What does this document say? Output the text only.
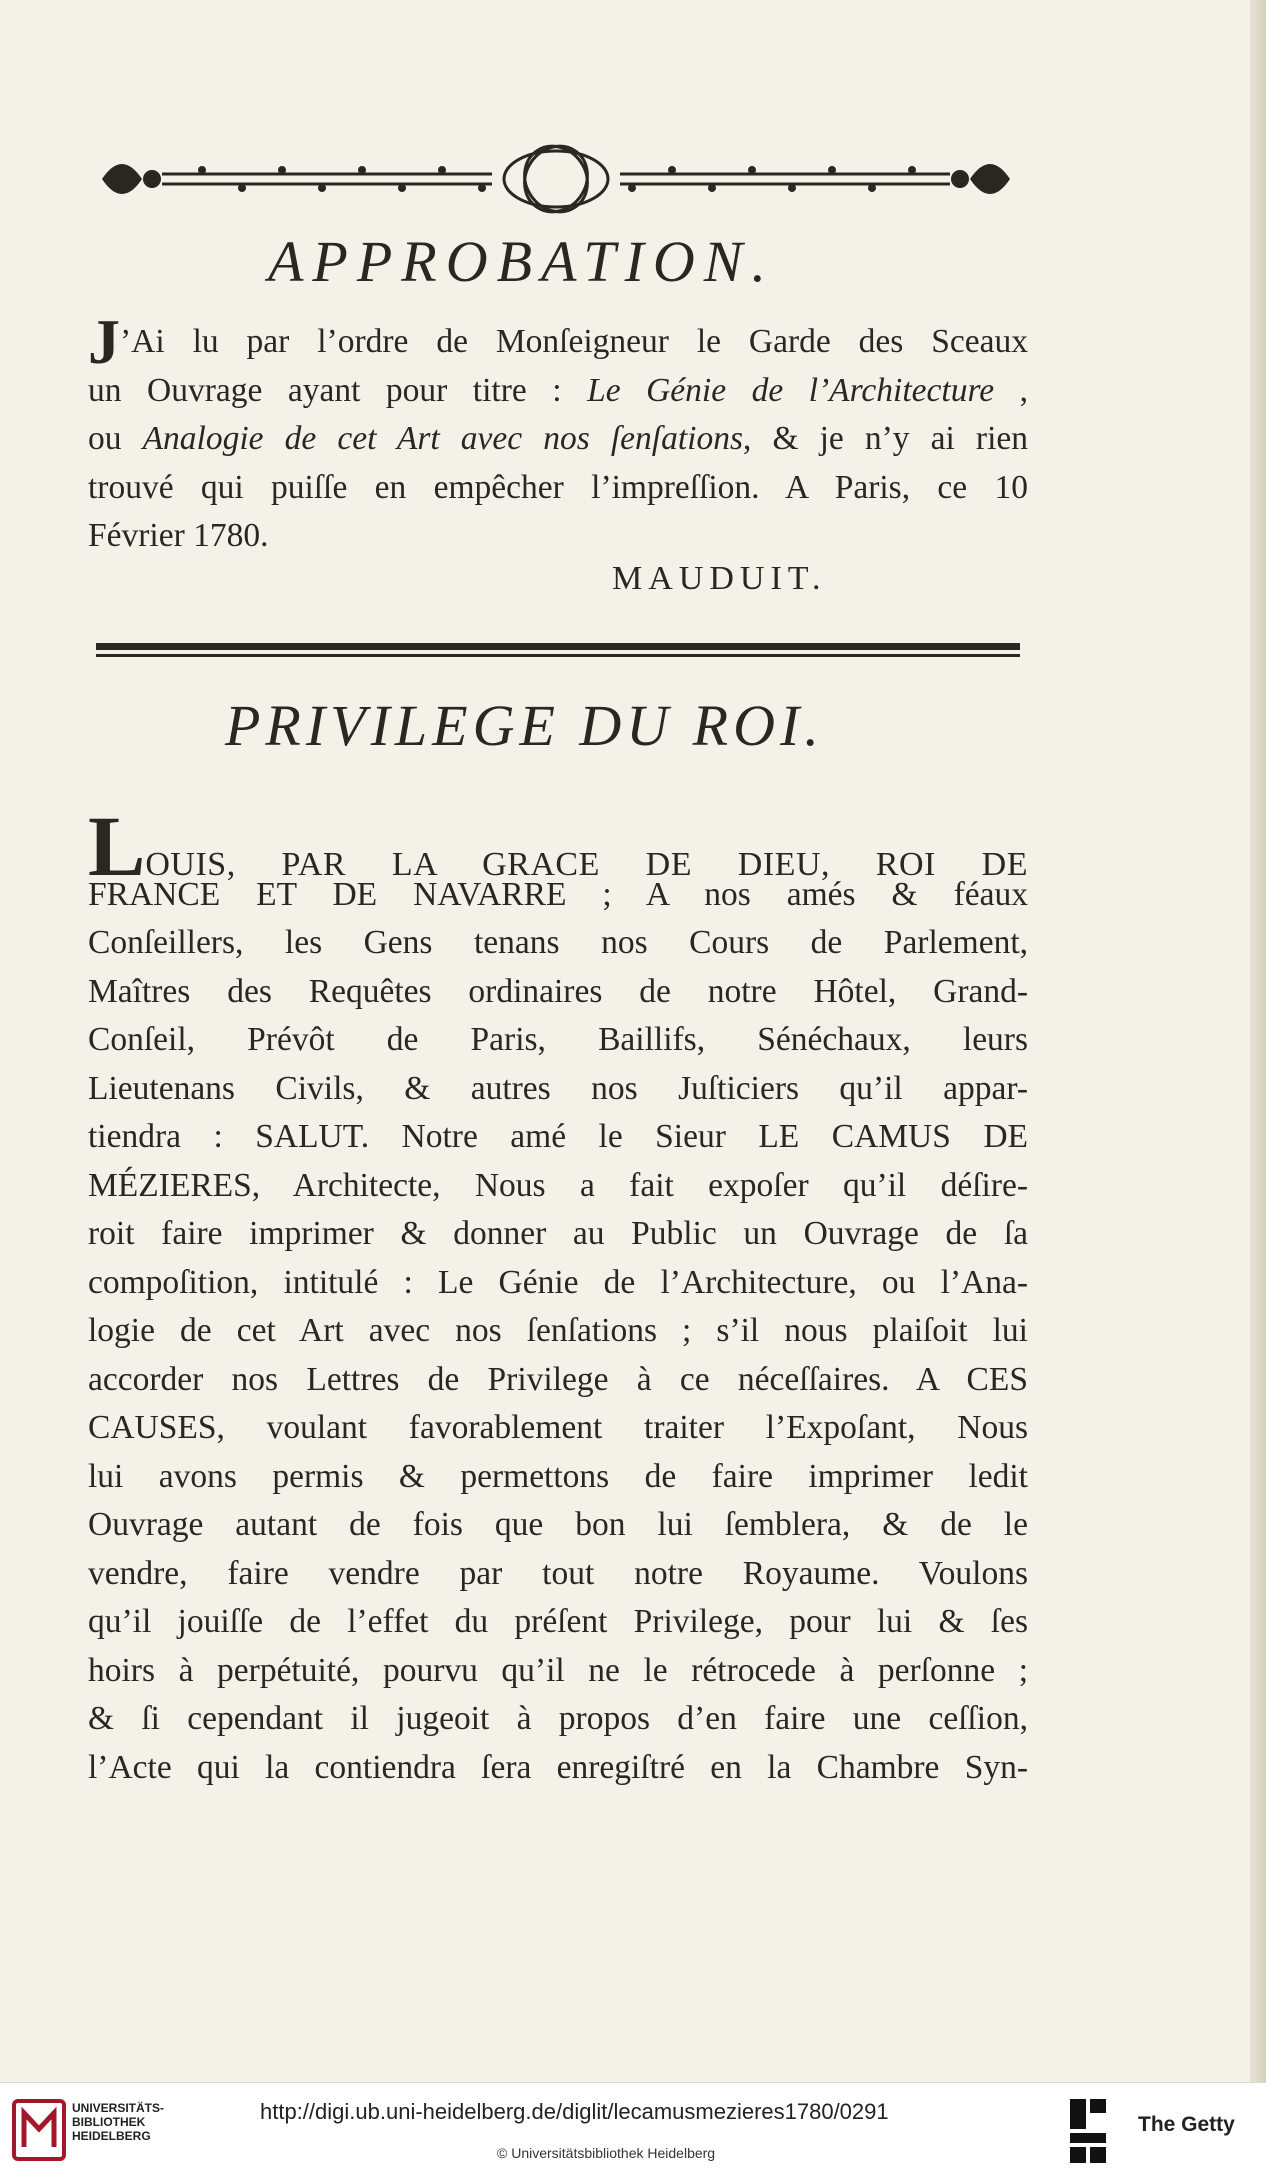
APPROBATION.
J’Ai lu par l’ordre de Monſeigneur le Garde des Sceaux
un Ouvrage ayant pour titre : Le Génie de l’Architecture ,
ou Analogie de cet Art avec nos ſenſations, & je n’y ai rien
trouvé qui puiſſe en empêcher l’impreſſion. A Paris, ce 10
Février 1780.
MAUDUIT.
PRIVILEGE DU ROI.
LOUIS, PAR LA GRACE DE DIEU, ROI DE
FRANCE ET DE NAVARRE ; A nos amés & féaux
Conſeillers, les Gens tenans nos Cours de Parlement,
Maîtres des Requêtes ordinaires de notre Hôtel, Grand-
Conſeil, Prévôt de Paris, Baillifs, Sénéchaux, leurs
Lieutenans Civils, & autres nos Juſticiers qu’il appar-
tiendra : SALUT. Notre amé le Sieur LE CAMUS DE
MÉZIERES, Architecte, Nous a fait expoſer qu’il déſire-
roit faire imprimer & donner au Public un Ouvrage de ſa
compoſition, intitulé : Le Génie de l’Architecture, ou l’Ana-
logie de cet Art avec nos ſenſations ; s’il nous plaiſoit lui
accorder nos Lettres de Privilege à ce néceſſaires. A CES
CAUSES, voulant favorablement traiter l’Expoſant, Nous
lui avons permis & permettons de faire imprimer ledit
Ouvrage autant de fois que bon lui ſemblera, & de le
vendre, faire vendre par tout notre Royaume. Voulons
qu’il jouiſſe de l’effet du préſent Privilege, pour lui & ſes
hoirs à perpétuité, pourvu qu’il ne le rétrocede à perſonne ;
& ſi cependant il jugeoit à propos d’en faire une ceſſion,
l’Acte qui la contiendra ſera enregiſtré en la Chambre Syn-
UNIVERSITÄTS-
BIBLIOTHEK
HEIDELBERG
http://digi.ub.uni-heidelberg.de/diglit/lecamusmezieres1780/0291
© Universitätsbibliothek Heidelberg
The Getty
